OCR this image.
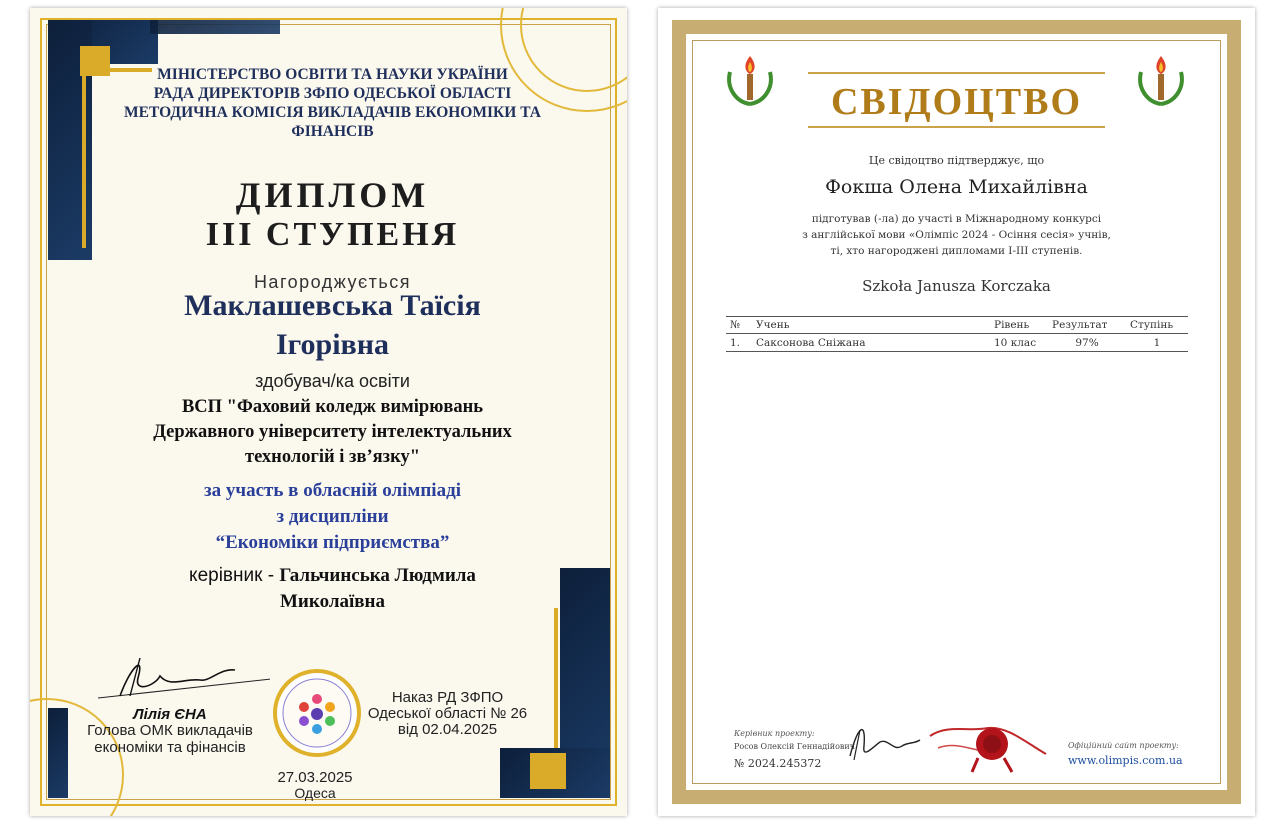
МІНІСТЕРСТВО ОСВІТИ ТА НАУКИ УКРАЇНИ
РАДА ДИРЕКТОРІВ ЗФПО ОДЕСЬКОЇ ОБЛАСТІ
МЕТОДИЧНА КОМІСІЯ ВИКЛАДАЧІВ ЕКОНОМІКИ ТА
ФІНАНСІВ
ДИПЛОМ
ІІІ СТУПЕНЯ
Нагороджується
Маклашевська Таїсія
Ігорівна
здобувач/ка освіти
ВСП "Фаховий коледж вимірювань
Державного університету інтелектуальних
технологій і зв’язку"
за участь в обласній олімпіаді
з дисципліни
“Економіки підприємства”
керівник - Гальчинська Людмила
Миколаївна
Лілія ЄНА
Голова ОМК викладачів
економіки та фінансів
Наказ РД ЗФПО
Одеської області № 26
від 02.04.2025
27.03.2025
Одеса
СВІДОЦТВО
Це свідоцтво підтверджує, що
Фокша Олена Михайлівна
підготував (-ла) до участі в Міжнародному конкурсі
з англійської мови «Олімпіс 2024 - Осіння сесія» учнів,
ті, хто нагороджені дипломами І-ІІІ ступенів.
Szkoła Janusza Korczaka
№	Учень	Рівень	Результат	Ступінь
1.	Саксонова Сніжана	10 клас	97%	1
Керівник проекту:
Росов Олексій Геннадійович
№ 2024.245372
Офіційний сайт проекту:
www.olimpis.com.ua
